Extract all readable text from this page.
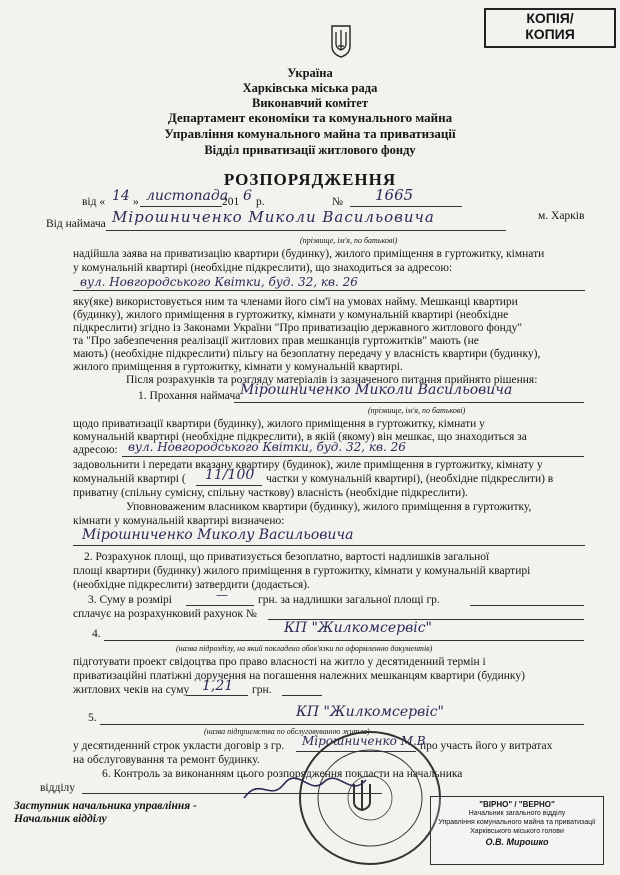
КОПІЯ/
КОПИЯ
Україна
Харківська міська рада
Виконавчий комітет
Департамент економіки та комунального майна
Управління комунального майна та приватизації
Відділ приватизації житлового фонду
РОЗПОРЯДЖЕННЯ
від « 14 » листопада
201 6 р.	№ 1665
Від наймача Мірошниченко Миколи Васильовича	м. Харків
(прізвище, ім'я, по батькові)
надійшла заява на приватизацію квартири (будинку), жилого приміщення в гуртожитку, кімнати
у комунальній квартирі (необхідне підкреслити), що знаходиться за адресою:
вул. Новгородського Квітки, буд. 32, кв. 26
яку(яке) використовується ним та членами його сім'ї на умовах найму. Мешканці квартири
(будинку), жилого приміщення в гуртожитку, кімнати у комунальній квартирі (необхідне
підкреслити) згідно із Законами України "Про приватизацію державного житлового фонду"
та "Про забезпечення реалізації житлових прав мешканців гуртожитків" мають (не
мають) (необхідне підкреслити) пільгу на безоплатну передачу у власність квартири (будинку),
жилого приміщення в гуртожитку, кімнати у комунальній квартирі.
Після розрахунків та розгляду матеріалів із зазначеного питання прийнято рішення:
1. Прохання наймача Мірошниченко Миколи Васильовича
(прізвище, ім'я, по батькові)
щодо приватизації квартири (будинку), жилого приміщення в гуртожитку, кімнати у
комунальній квартирі (необхідне підкреслити), в якій (якому) він мешкає, що знаходиться за
адресою: вул. Новгородського Квітки, буд. 32, кв. 26
задовольнити і передати вказану квартиру (будинок), жиле приміщення в гуртожитку, кімнату у
комунальній квартирі ( 11/100 частки у комунальній квартирі), (необхідне підкреслити) в
приватну (спільну сумісну, спільну часткову) власність (необхідне підкреслити).
Уповноваженим власником квартири (будинку), жилого приміщення в гуртожитку,
кімнати у комунальній квартирі визначено:
Мірошниченко Миколу Васильовича
2. Розрахунок площі, що приватизується безоплатно, вартості надлишків загальної
площі квартири (будинку) жилого приміщення в гуртожитку, кімнати у комунальній квартирі
(необхідне підкреслити) затвердити (додається).
3. Суму в розмірі	—	грн. за надлишки загальної площі гр.
сплачує на розрахунковий рахунок №
4.	КП "Жилкомсервіс"
(назва підрозділу, на який покладено обов'язки по оформленню документів)
підготувати проект свідоцтва про право власності на житло у десятиденний термін і
приватизаційні платіжні доручення на погашення належних мешканцям квартири (будинку)
житлових чеків на суму 1,21 грн.
5.	КП "Жилкомсервіс"
(назва підприємства по обслуговуванню житла)
у десятиденний строк укласти договір з гр. Мірошниченко М.В.
про участь його у витратах
на обслуговування та ремонт будинку.
6. Контроль за виконанням цього розпорядження покласти на начальника
відділу
Заступник начальника управління -
Начальник відділу
"ВІРНО" / "ВЕРНО"
Начальник загального відділу
Управління комунального майна та приватизації
Харківського міського голови
О.В. Мирошко
